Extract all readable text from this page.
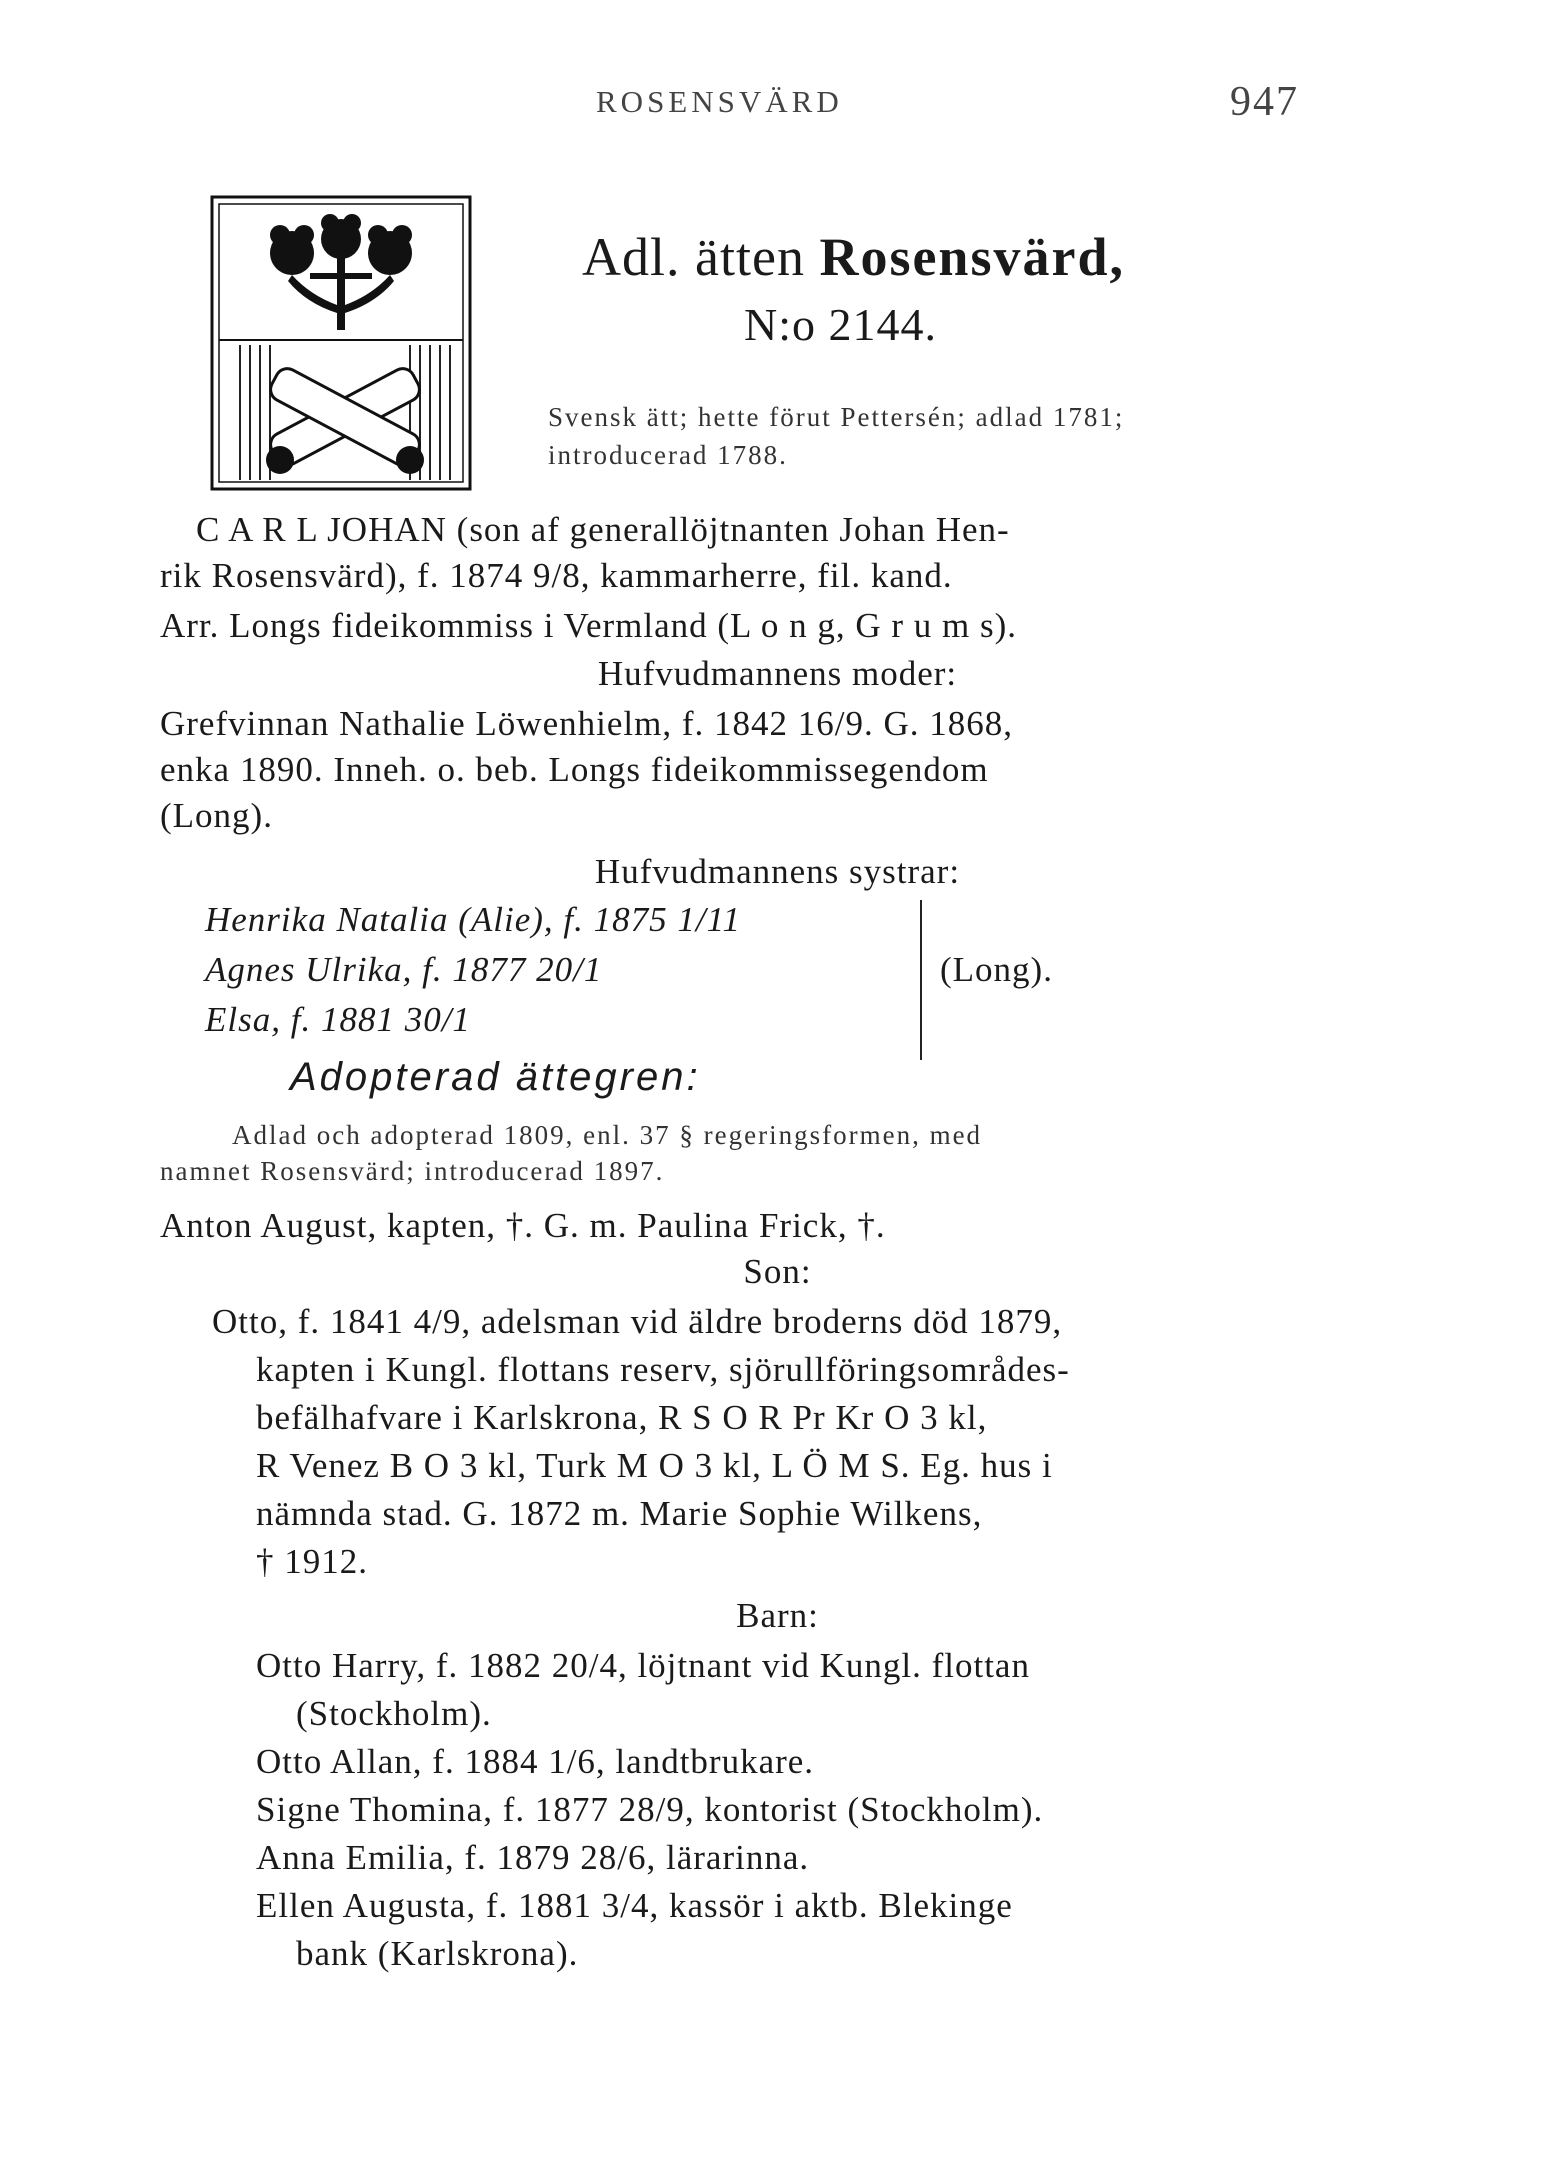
ROSENSVÄRD	947
Adl. ätten Rosensvärd,
N:o 2144.
Svensk ätt; hette förut Pettersén; adlad 1781; introducerad 1788.
C A R L JOHAN (son af generallöjtnanten Johan Hen-
rik Rosensvärd), f. 1874 9/8, kammarherre, fil. kand.
Arr. Longs fideikommiss i Vermland (L o n g, G r u m s).
Hufvudmannens moder:
Grefvinnan Nathalie Löwenhielm, f. 1842 16/9. G. 1868,
enka 1890. Inneh. o. beb. Longs fideikommissegendom
(Long).
Hufvudmannens systrar:
Henrika Natalia (Alie), f. 1875 1/11
Agnes Ulrika, f. 1877 20/1
Elsa, f. 1881 30/1
(Long).
Adopterad ättegren:
Adlad och adopterad 1809, enl. 37 § regeringsformen, med
namnet Rosensvärd; introducerad 1897.
Anton August, kapten, †. G. m. Paulina Frick, †.
Son:
Otto, f. 1841 4/9, adelsman vid äldre broderns död 1879,
kapten i Kungl. flottans reserv, sjörullföringsområdes-
befälhafvare i Karlskrona, R S O R Pr Kr O 3 kl,
R Venez B O 3 kl, Turk M O 3 kl, L Ö M S. Eg. hus i
nämnda stad. G. 1872 m. Marie Sophie Wilkens,
† 1912.
Barn:
Otto Harry, f. 1882 20/4, löjtnant vid Kungl. flottan
(Stockholm).
Otto Allan, f. 1884 1/6, landtbrukare.
Signe Thomina, f. 1877 28/9, kontorist (Stockholm).
Anna Emilia, f. 1879 28/6, lärarinna.
Ellen Augusta, f. 1881 3/4, kassör i aktb. Blekinge
bank (Karlskrona).
